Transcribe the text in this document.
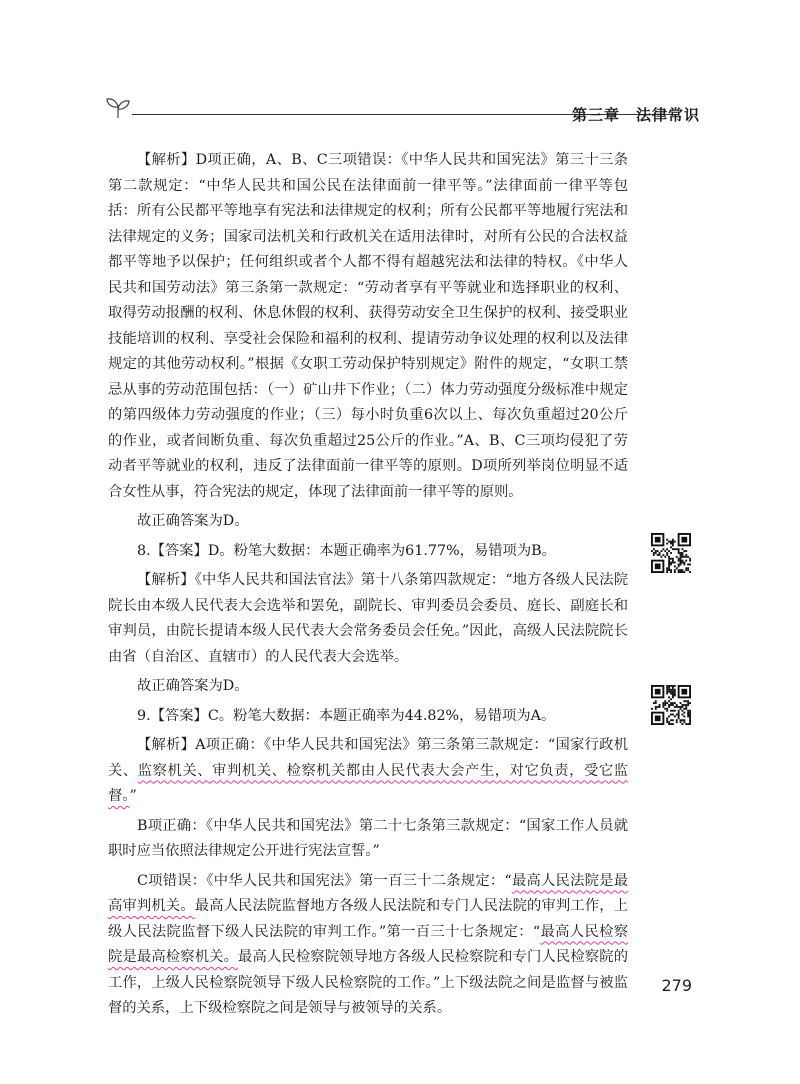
第三章　法律常识

【解析】D项正确，A、B、C三项错误：《中华人民共和国宪法》第三十三条第二款规定：“中华人民共和国公民在法律面前一律平等。”法律面前一律平等包括：所有公民都平等地享有宪法和法律规定的权利；所有公民都平等地履行宪法和法律规定的义务；国家司法机关和行政机关在适用法律时，对所有公民的合法权益都平等地予以保护；任何组织或者个人都不得有超越宪法和法律的特权。《中华人民共和国劳动法》第三条第一款规定：“劳动者享有平等就业和选择职业的权利、取得劳动报酬的权利、休息休假的权利、获得劳动安全卫生保护的权利、接受职业技能培训的权利、享受社会保险和福利的权利、提请劳动争议处理的权利以及法律规定的其他劳动权利。”根据《女职工劳动保护特别规定》附件的规定，“女职工禁忌从事的劳动范围包括：（一）矿山井下作业；（二）体力劳动强度分级标准中规定的第四级体力劳动强度的作业；（三）每小时负重6次以上、每次负重超过20公斤的作业，或者间断负重、每次负重超过25公斤的作业。”A、B、C三项均侵犯了劳动者平等就业的权利，违反了法律面前一律平等的原则。D项所列举岗位明显不适合女性从事，符合宪法的规定，体现了法律面前一律平等的原则。

故正确答案为D。

8.【答案】D。粉笔大数据：本题正确率为61.77%，易错项为B。

【解析】《中华人民共和国法官法》第十八条第四款规定：“地方各级人民法院院长由本级人民代表大会选举和罢免，副院长、审判委员会委员、庭长、副庭长和审判员，由院长提请本级人民代表大会常务委员会任免。”因此，高级人民法院院长由省（自治区、直辖市）的人民代表大会选举。

故正确答案为D。

9.【答案】C。粉笔大数据：本题正确率为44.82%，易错项为A。

【解析】A项正确：《中华人民共和国宪法》第三条第三款规定：“国家行政机关、监察机关、审判机关、检察机关都由人民代表大会产生，对它负责，受它监督。”

B项正确：《中华人民共和国宪法》第二十七条第三款规定：“国家工作人员就职时应当依照法律规定公开进行宪法宣誓。”

C项错误：《中华人民共和国宪法》第一百三十二条规定：“最高人民法院是最高审判机关。最高人民法院监督地方各级人民法院和专门人民法院的审判工作，上级人民法院监督下级人民法院的审判工作。”第一百三十七条规定：“最高人民检察院是最高检察机关。最高人民检察院领导地方各级人民检察院和专门人民检察院的工作，上级人民检察院领导下级人民检察院的工作。”上下级法院之间是监督与被监督的关系，上下级检察院之间是领导与被领导的关系。

279
